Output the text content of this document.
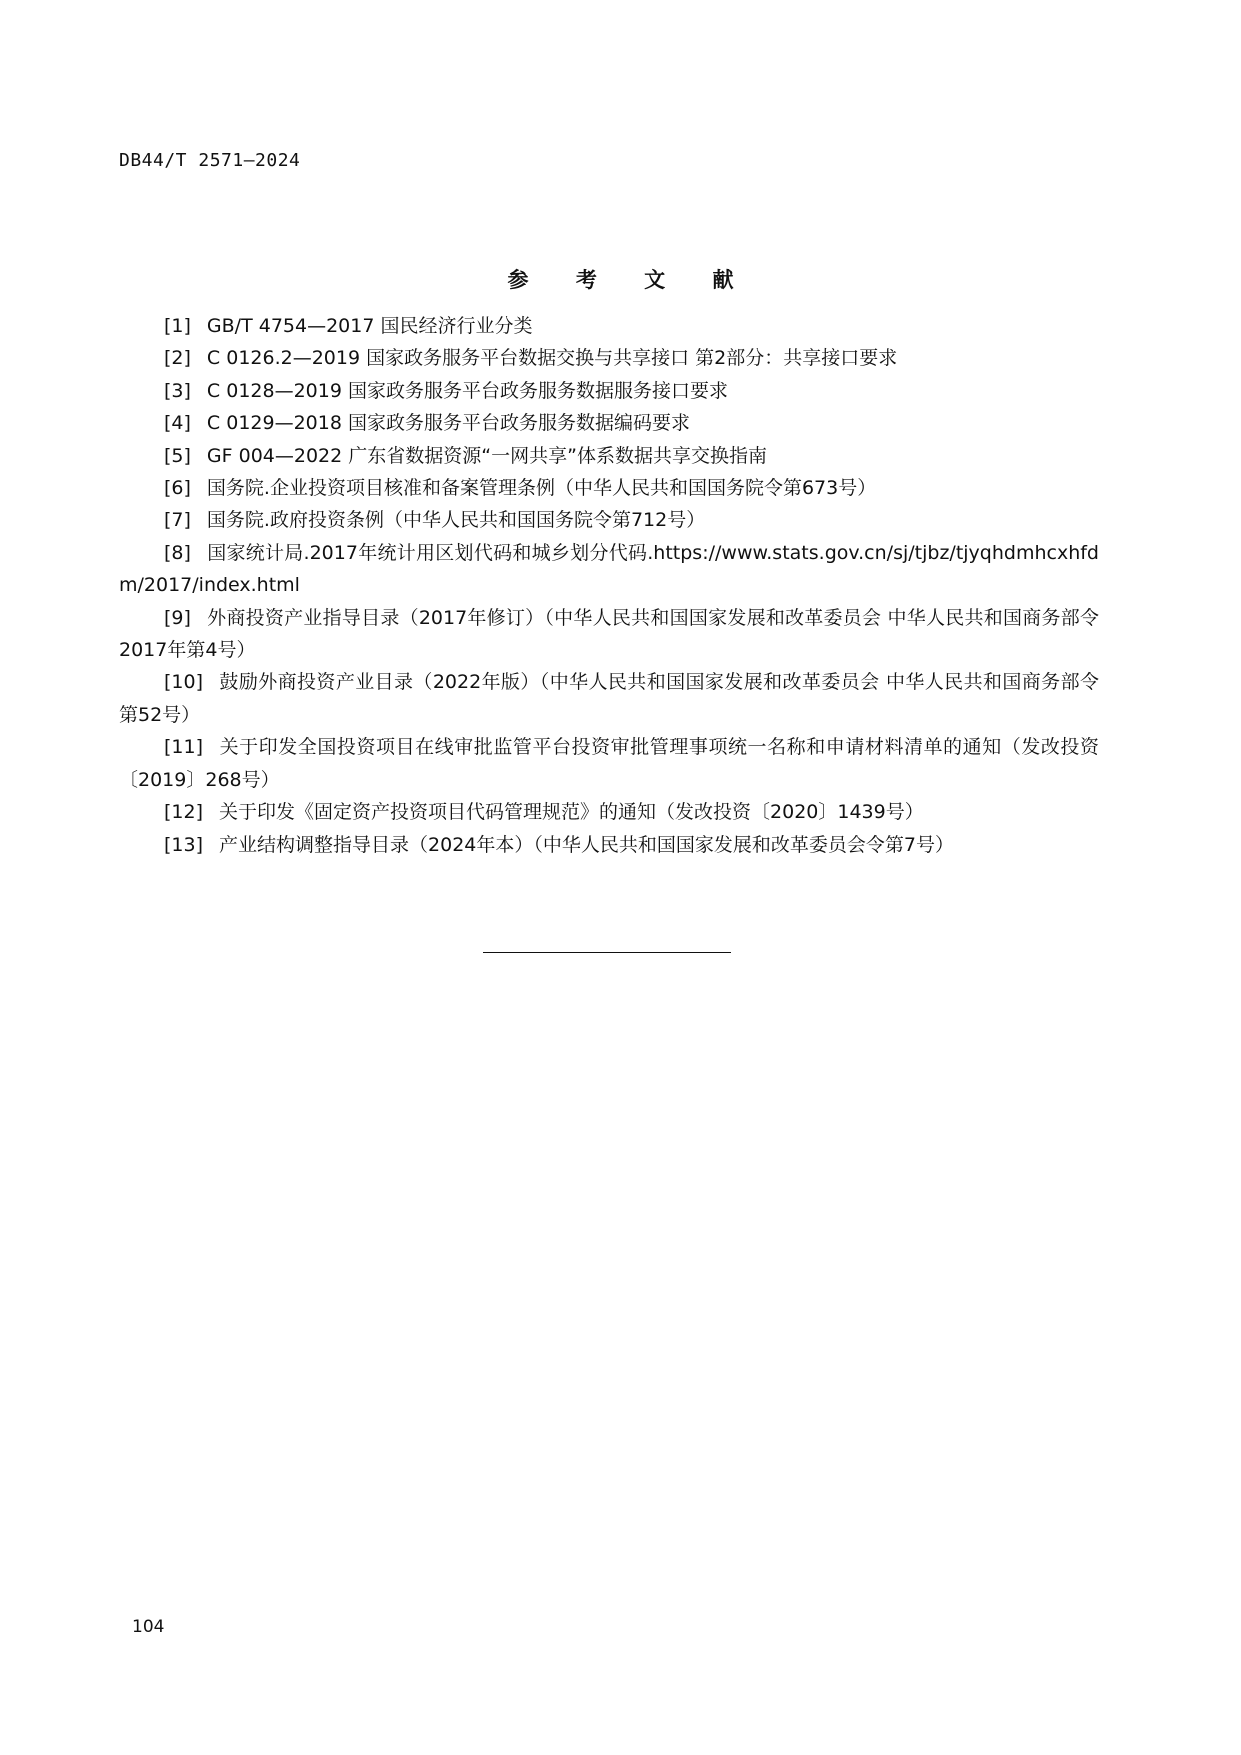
DB44/T 2571—2024
参 考 文 献
[1] GB/T 4754—2017 国民经济行业分类
[2] C 0126.2—2019 国家政务服务平台数据交换与共享接口 第2部分：共享接口要求
[3] C 0128—2019 国家政务服务平台政务服务数据服务接口要求
[4] C 0129—2018 国家政务服务平台政务服务数据编码要求
[5] GF 004—2022 广东省数据资源“一网共享”体系数据共享交换指南
[6] 国务院.企业投资项目核准和备案管理条例（中华人民共和国国务院令第673号）
[7] 国务院.政府投资条例（中华人民共和国国务院令第712号）
[8] 国家统计局.2017年统计用区划代码和城乡划分代码.https://www.stats.gov.cn/sj/tjbz/tjyqhdmhcxhfdm/2017/index.html
[9] 外商投资产业指导目录（2017年修订）（中华人民共和国国家发展和改革委员会 中华人民共和国商务部令2017年第4号）
[10] 鼓励外商投资产业目录（2022年版）（中华人民共和国国家发展和改革委员会 中华人民共和国商务部令第52号）
[11] 关于印发全国投资项目在线审批监管平台投资审批管理事项统一名称和申请材料清单的通知（发改投资〔2019〕268号）
[12] 关于印发《固定资产投资项目代码管理规范》的通知（发改投资〔2020〕1439号）
[13] 产业结构调整指导目录（2024年本）（中华人民共和国国家发展和改革委员会令第7号）
104
